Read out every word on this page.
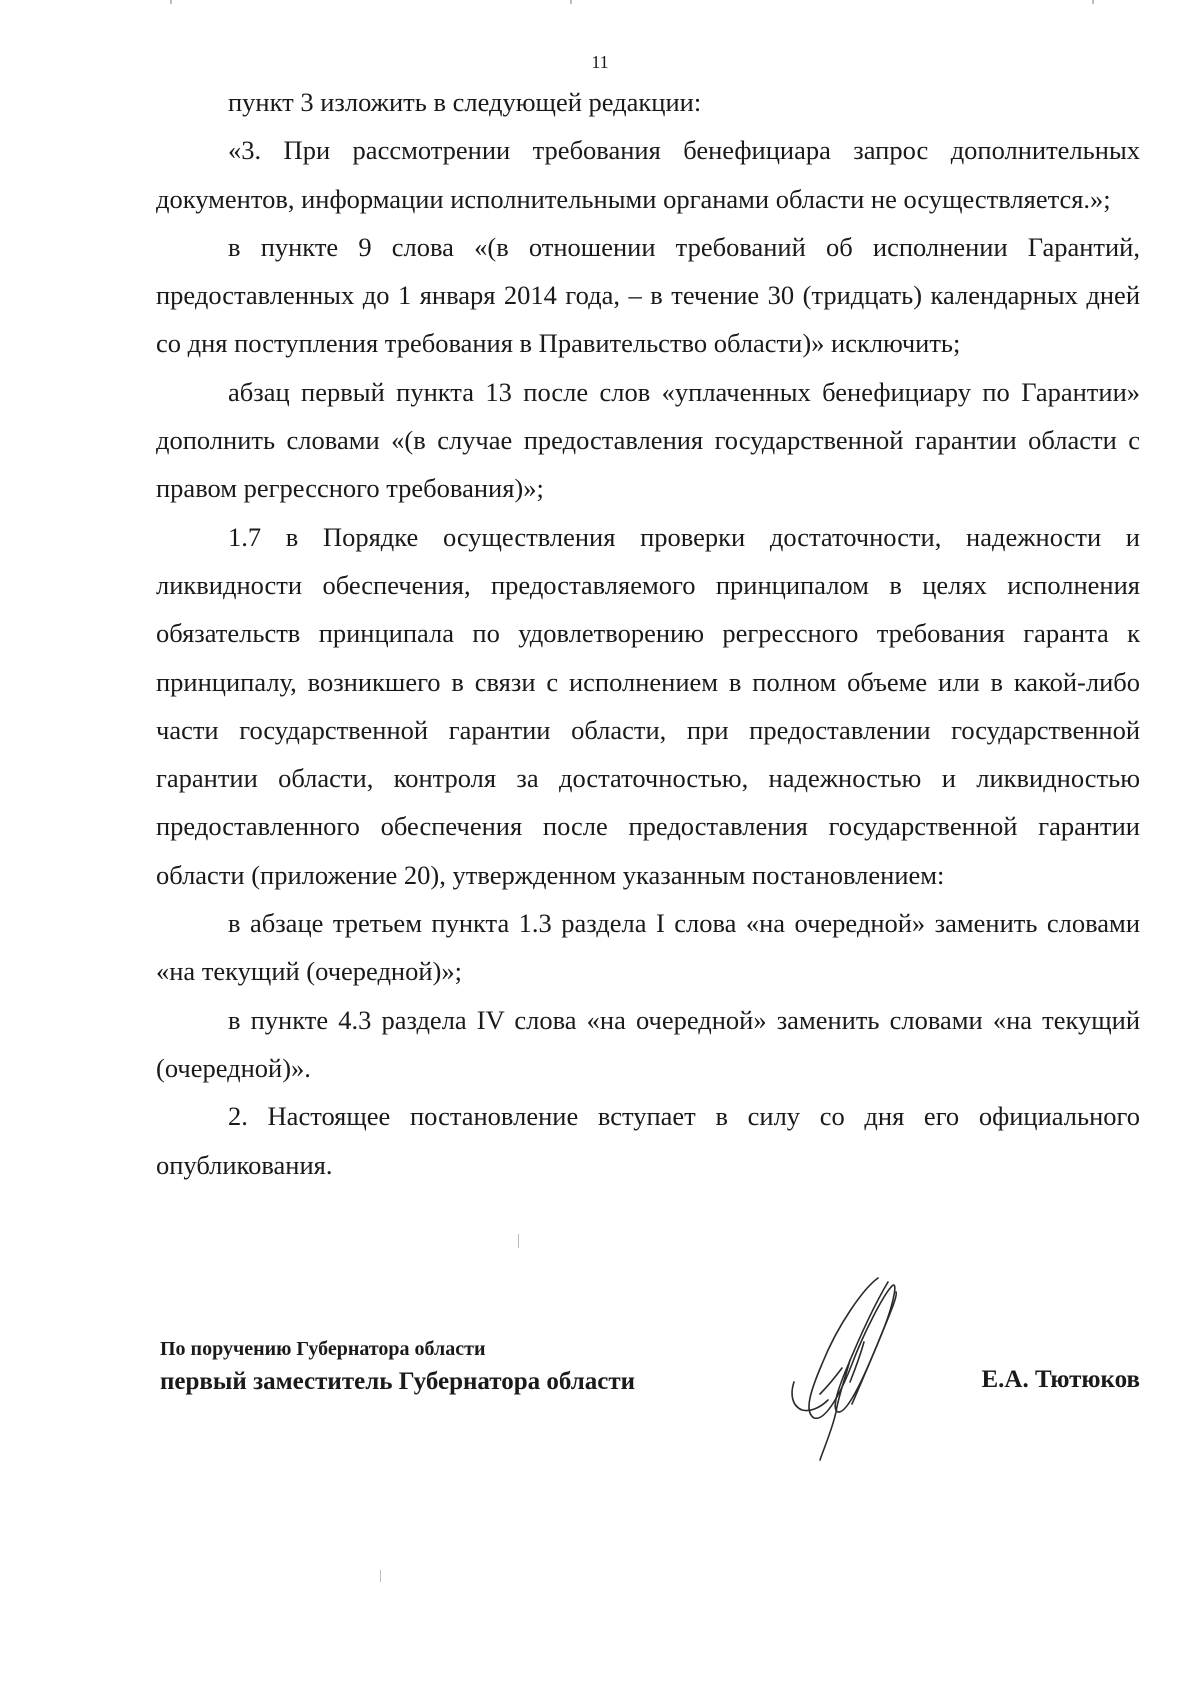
11

пункт 3 изложить в следующей редакции:

«3. При рассмотрении требования бенефициара запрос дополнительных документов, информации исполнительными органами области не осуществляется.»;

в пункте 9 слова «(в отношении требований об исполнении Гарантий, предоставленных до 1 января 2014 года, – в течение 30 (тридцать) календарных дней со дня поступления требования в Правительство области)» исключить;

абзац первый пункта 13 после слов «уплаченных бенефициару по Гарантии» дополнить словами «(в случае предоставления государственной гарантии области с правом регрессного требования)»;

1.7 в Порядке осуществления проверки достаточности, надежности и ликвидности обеспечения, предоставляемого принципалом в целях исполнения обязательств принципала по удовлетворению регрессного требования гаранта к принципалу, возникшего в связи с исполнением в полном объеме или в какой-либо части государственной гарантии области, при предоставлении государственной гарантии области, контроля за достаточностью, надежностью и ликвидностью предоставленного обеспечения после предоставления государственной гарантии области (приложение 20), утвержденном указанным постановлением:

в абзаце третьем пункта 1.3 раздела I слова «на очередной» заменить словами «на текущий (очередной)»;

в пункте 4.3 раздела IV слова «на очередной» заменить словами «на текущий (очередной)».

2. Настоящее постановление вступает в силу со дня его официального опубликования.

По поручению Губернатора области
первый заместитель Губернатора области	Е.А. Тютюков
